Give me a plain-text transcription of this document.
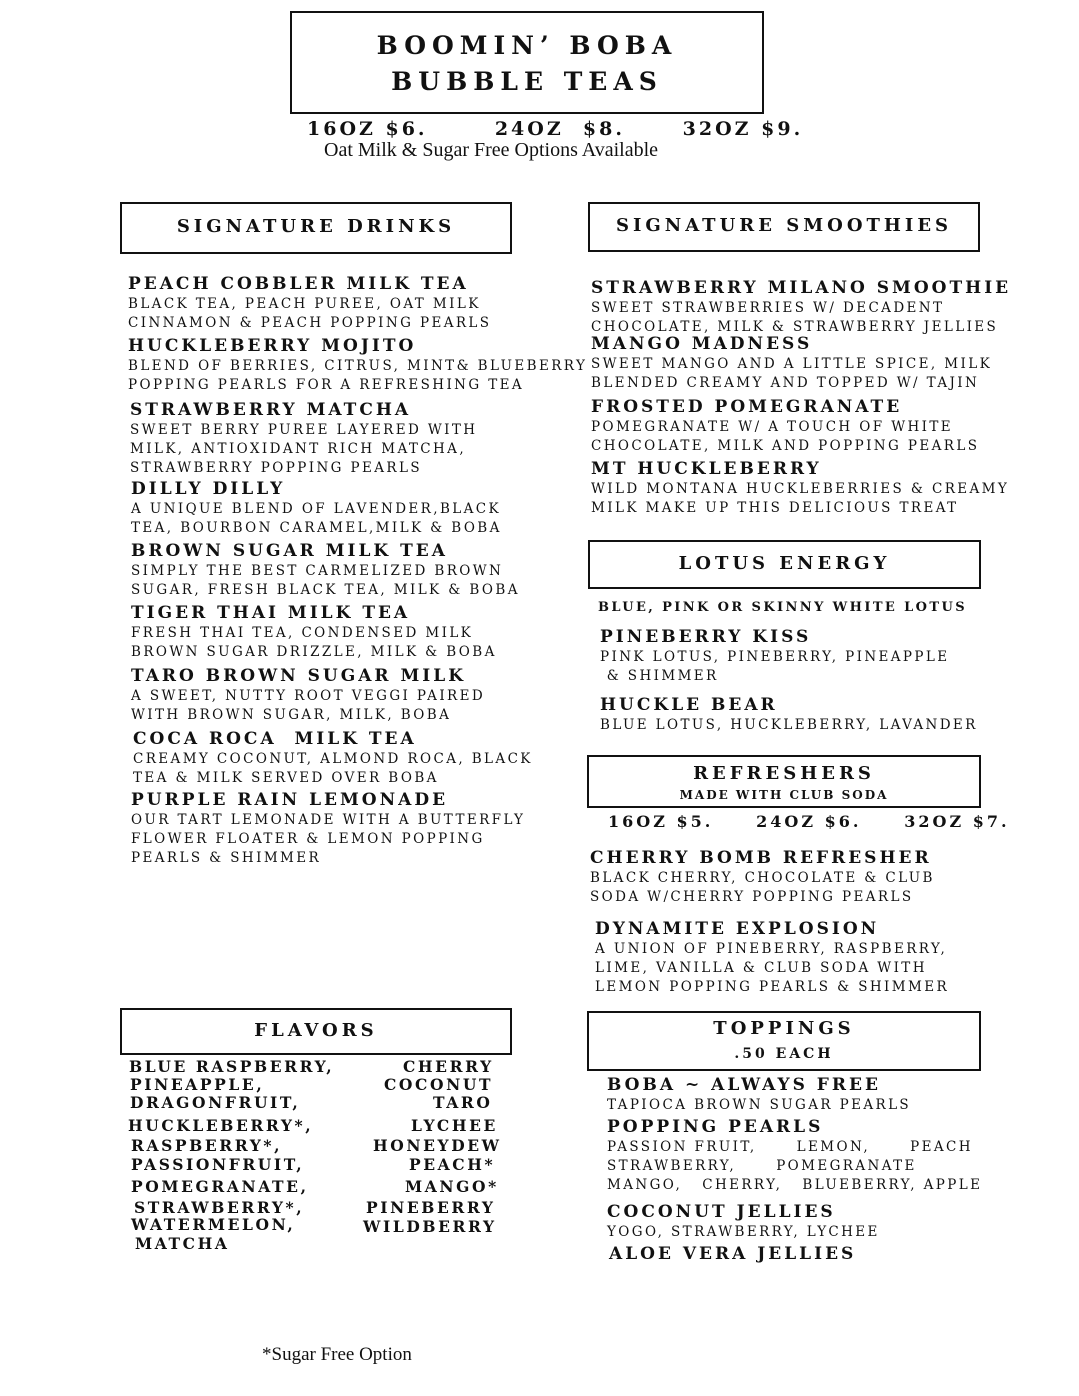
BOOMIN’ BOBA
BUBBLE TEAS
16OZ $6.       24OZ  $8.      32OZ $9.
Oat Milk & Sugar Free Options Available
SIGNATURE DRINKS
PEACH COBBLER MILK TEA
BLACK TEA, PEACH PUREE, OAT MILK
CINNAMON & PEACH POPPING PEARLS
HUCKLEBERRY MOJITO
BLEND OF BERRIES, CITRUS, MINT& BLUEBERRY
POPPING PEARLS FOR A REFRESHING TEA
STRAWBERRY MATCHA
SWEET BERRY PUREE LAYERED WITH
MILK, ANTIOXIDANT RICH MATCHA,
STRAWBERRY POPPING PEARLS
DILLY DILLY
A UNIQUE BLEND OF LAVENDER,BLACK
TEA, BOURBON CARAMEL,MILK & BOBA
BROWN SUGAR MILK TEA
SIMPLY THE BEST CARMELIZED BROWN
SUGAR, FRESH BLACK TEA, MILK & BOBA
TIGER THAI MILK TEA
FRESH THAI TEA, CONDENSED MILK
BROWN SUGAR DRIZZLE, MILK & BOBA
TARO BROWN SUGAR MILK
A SWEET, NUTTY ROOT VEGGI PAIRED
WITH BROWN SUGAR, MILK, BOBA
COCA ROCA  MILK TEA
CREAMY COCONUT, ALMOND ROCA, BLACK
TEA & MILK SERVED OVER BOBA
PURPLE RAIN LEMONADE
OUR TART LEMONADE WITH A BUTTERFLY
FLOWER FLOATER & LEMON POPPING
PEARLS & SHIMMER
SIGNATURE SMOOTHIES
STRAWBERRY MILANO SMOOTHIE
SWEET STRAWBERRIES W/ DECADENT
CHOCOLATE, MILK & STRAWBERRY JELLIES
MANGO MADNESS
SWEET MANGO AND A LITTLE SPICE, MILK
BLENDED CREAMY AND TOPPED W/ TAJIN
FROSTED POMEGRANATE
POMEGRANATE W/ A TOUCH OF WHITE
CHOCOLATE, MILK AND POPPING PEARLS
MT HUCKLEBERRY
WILD MONTANA HUCKLEBERRIES & CREAMY
MILK MAKE UP THIS DELICIOUS TREAT
LOTUS ENERGY
BLUE, PINK OR SKINNY WHITE LOTUS
PINEBERRY KISS
PINK LOTUS, PINEBERRY, PINEAPPLE
& SHIMMER
HUCKLE BEAR
BLUE LOTUS, HUCKLEBERRY, LAVANDER
REFRESHERS
MADE WITH CLUB SODA
16OZ $5.     24OZ $6.     32OZ $7.
CHERRY BOMB REFRESHER
BLACK CHERRY, CHOCOLATE & CLUB
SODA W/CHERRY POPPING PEARLS
DYNAMITE EXPLOSION
A UNION OF PINEBERRY, RASPBERRY,
LIME, VANILLA & CLUB SODA WITH
LEMON POPPING PEARLS & SHIMMER
FLAVORS
BLUE RASPBERRY,
PINEAPPLE,
DRAGONFRUIT,
HUCKLEBERRY*,
RASPBERRY*,
PASSIONFRUIT,
POMEGRANATE,
STRAWBERRY*,
WATERMELON,
MATCHA
CHERRY
COCONUT
TARO
LYCHEE
HONEYDEW
PEACH*
MANGO*
PINEBERRY
WILDBERRY
TOPPINGS
.50 EACH
BOBA ~ ALWAYS FREE
TAPIOCA BROWN SUGAR PEARLS
POPPING PEARLS
PASSION FRUIT,      LEMON,      PEACH
STRAWBERRY,      POMEGRANATE
MANGO,   CHERRY,   BLUEBERRY, APPLE
COCONUT JELLIES
YOGO, STRAWBERRY, LYCHEE
ALOE VERA JELLIES
*Sugar Free Option
